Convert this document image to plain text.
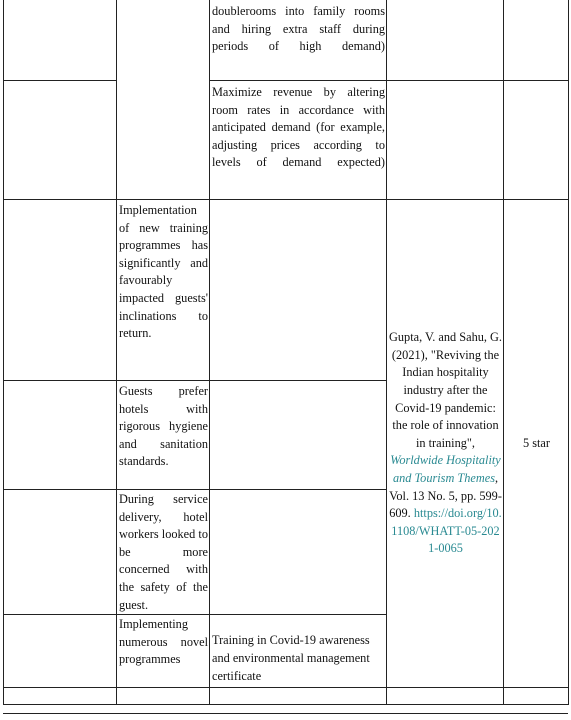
		doublerooms into family rooms and hiring extra staff during periods of high demand)		
		Maximize revenue by altering room rates in accordance with anticipated demand (for example, adjusting prices according to levels of demand expected)		
	Implementation of new training programmes has significantly and favourably impacted guests' inclinations to return.		Gupta, V. and Sahu, G. (2021), "Reviving the Indian hospitality industry after the Covid-19 pandemic: the role of innovation in training", Worldwide Hospitality and Tourism Themes, Vol. 13 No. 5, pp. 599-609. https://doi.org/10.1108/WHATT-05-2021-0065	5 star
	Guests prefer hotels with rigorous hygiene and sanitation standards.			
	During service delivery, hotel workers looked to be more concerned with the safety of the guest.			
	Implementing numerous novel programmes	Training in Covid-19 awareness and environmental management certificate		
